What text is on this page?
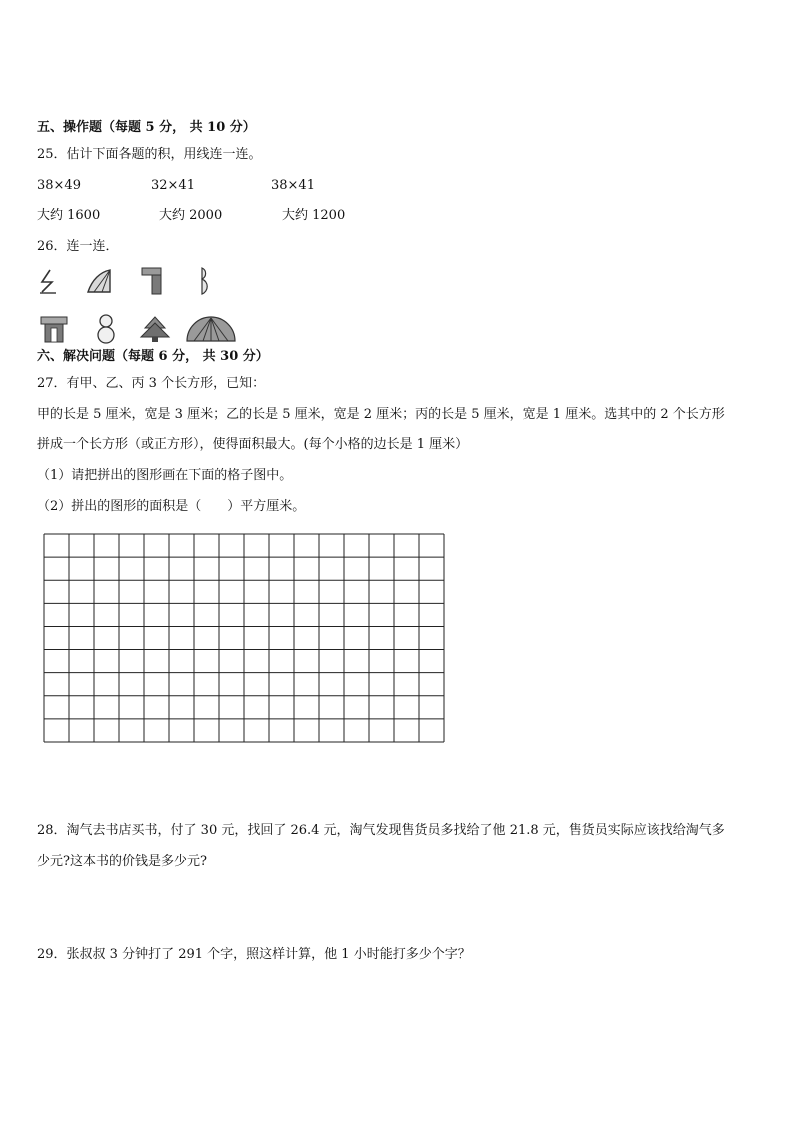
五、操作题（每题 5 分， 共 10 分）
25．估计下面各题的积，用线连一连。
38×49	32×41	38×41
大约 1600	大约 2000	大约 1200
26．连一连．
六、解决问题（每题 6 分， 共 30 分）
27．有甲、乙、丙 3 个长方形，已知：
甲的长是 5 厘米，宽是 3 厘米；乙的长是 5 厘米，宽是 2 厘米；丙的长是 5 厘米，宽是 1 厘米。选其中的 2 个长方形
拼成一个长方形（或正方形），使得面积最大。(每个小格的边长是 1 厘米）
（1）请把拼出的图形画在下面的格子图中。
（2）拼出的图形的面积是（　　）平方厘米。
28．淘气去书店买书，付了 30 元，找回了 26.4 元，淘气发现售货员多找给了他 21.8 元，售货员实际应该找给淘气多
少元?这本书的价钱是多少元?
29．张叔叔 3 分钟打了 291 个字，照这样计算，他 1 小时能打多少个字？
